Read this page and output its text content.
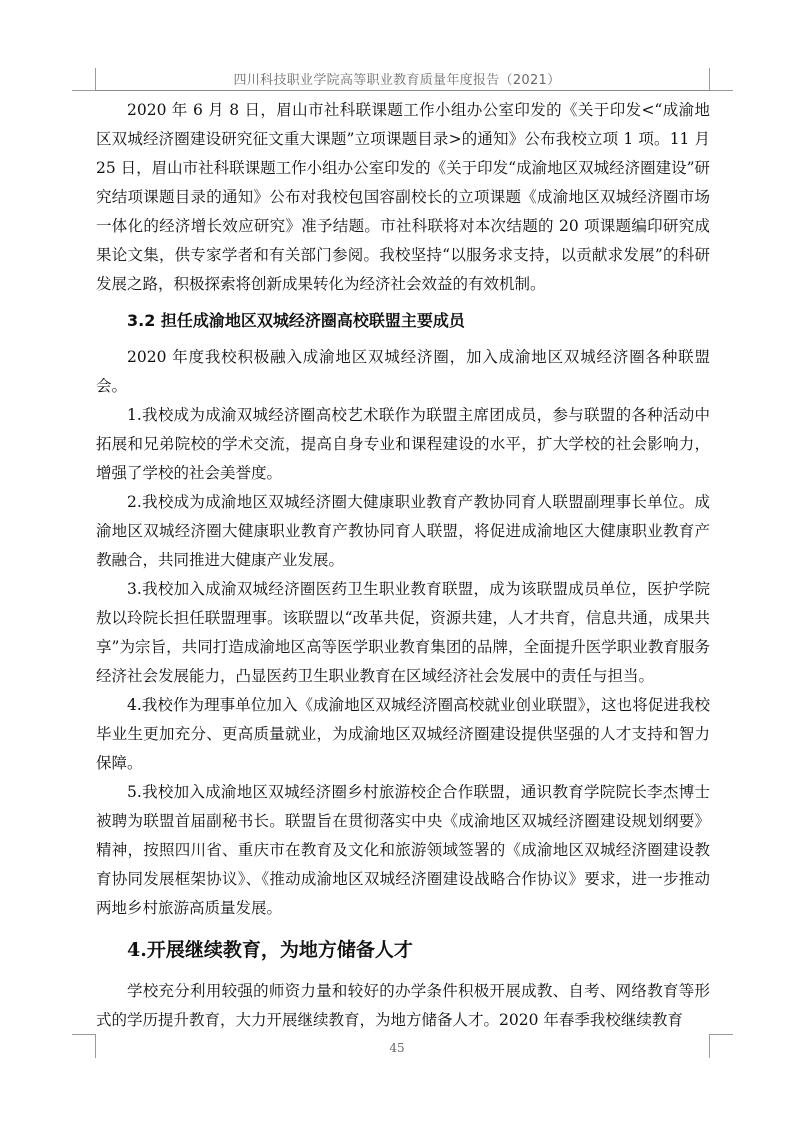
四川科技职业学院高等职业教育质量年度报告（2021）

2020 年 6 月 8 日，眉山市社科联课题工作小组办公室印发的《关于印发<“成渝地区双城经济圈建设研究征文重大课题”立项课题目录>的通知》公布我校立项 1 项。11 月 25 日，眉山市社科联课题工作小组办公室印发的《关于印发“成渝地区双城经济圈建设”研究结项课题目录的通知》公布对我校包国容副校长的立项课题《成渝地区双城经济圈市场一体化的经济增长效应研究》准予结题。市社科联将对本次结题的 20 项课题编印研究成果论文集，供专家学者和有关部门参阅。我校坚持“以服务求支持，以贡献求发展”的科研发展之路，积极探索将创新成果转化为经济社会效益的有效机制。

3.2 担任成渝地区双城经济圈高校联盟主要成员

2020 年度我校积极融入成渝地区双城经济圈，加入成渝地区双城经济圈各种联盟会。

1.我校成为成渝双城经济圈高校艺术联作为联盟主席团成员，参与联盟的各种活动中拓展和兄弟院校的学术交流，提高自身专业和课程建设的水平，扩大学校的社会影响力，增强了学校的社会美誉度。

2.我校成为成渝地区双城经济圈大健康职业教育产教协同育人联盟副理事长单位。成渝地区双城经济圈大健康职业教育产教协同育人联盟，将促进成渝地区大健康职业教育产教融合，共同推进大健康产业发展。

3.我校加入成渝双城经济圈医药卫生职业教育联盟，成为该联盟成员单位，医护学院敖以玲院长担任联盟理事。该联盟以“改革共促，资源共建，人才共育，信息共通，成果共享”为宗旨，共同打造成渝地区高等医学职业教育集团的品牌，全面提升医学职业教育服务经济社会发展能力，凸显医药卫生职业教育在区域经济社会发展中的责任与担当。

4.我校作为理事单位加入《成渝地区双城经济圈高校就业创业联盟》，这也将促进我校毕业生更加充分、更高质量就业，为成渝地区双城经济圈建设提供坚强的人才支持和智力保障。

5.我校加入成渝地区双城经济圈乡村旅游校企合作联盟，通识教育学院院长李杰博士被聘为联盟首届副秘书长。联盟旨在贯彻落实中央《成渝地区双城经济圈建设规划纲要》精神，按照四川省、重庆市在教育及文化和旅游领域签署的《成渝地区双城经济圈建设教育协同发展框架协议》、《推动成渝地区双城经济圈建设战略合作协议》要求，进一步推动两地乡村旅游高质量发展。

4.开展继续教育，为地方储备人才

学校充分利用较强的师资力量和较好的办学条件积极开展成教、自考、网络教育等形式的学历提升教育，大力开展继续教育，为地方储备人才。2020 年春季我校继续教育

45
